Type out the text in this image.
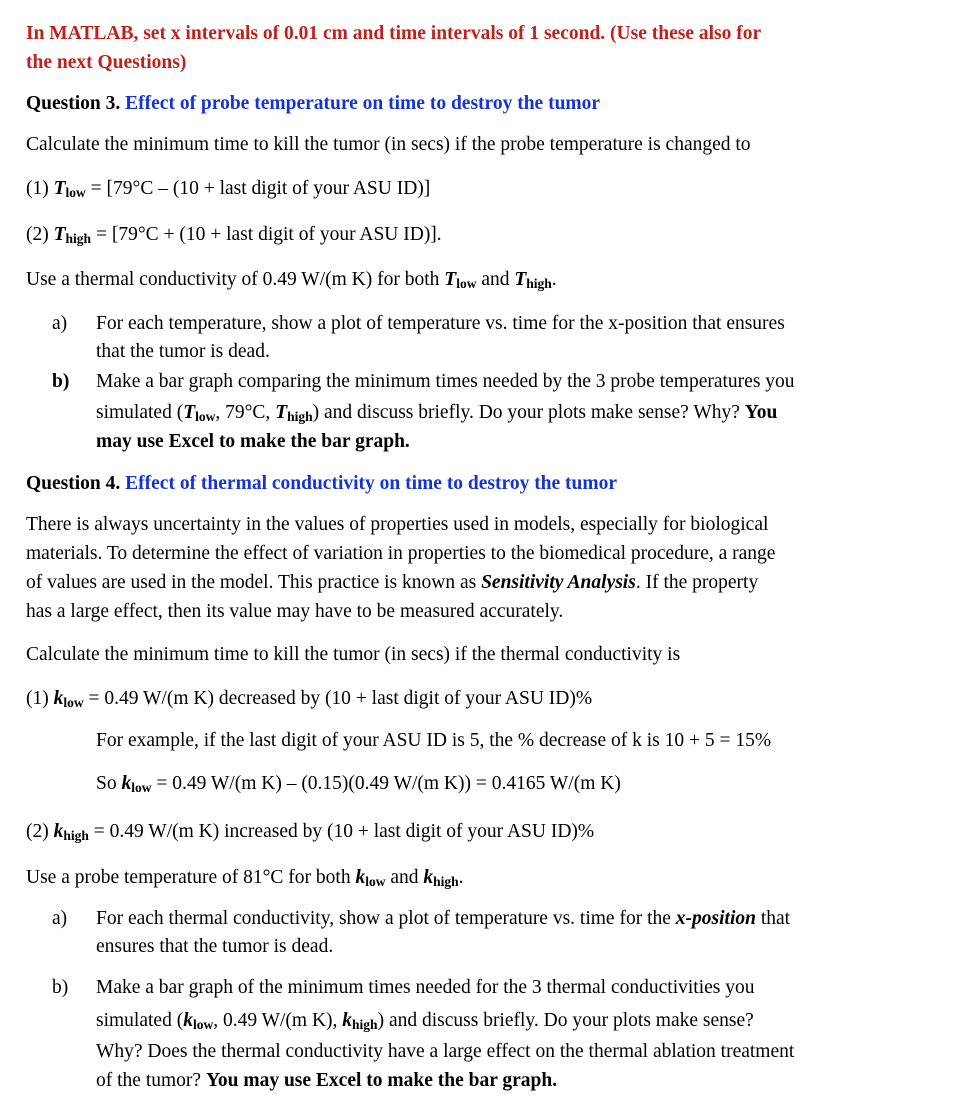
In MATLAB, set x intervals of 0.01 cm and time intervals of 1 second. (Use these also for
the next Questions)
Question 3. Effect of probe temperature on time to destroy the tumor
Calculate the minimum time to kill the tumor (in secs) if the probe temperature is changed to
(1) Tlow = [79°C – (10 + last digit of your ASU ID)]
(2) Thigh = [79°C + (10 + last digit of your ASU ID)].
Use a thermal conductivity of 0.49 W/(m K) for both Tlow and Thigh.
a) For each temperature, show a plot of temperature vs. time for the x-position that ensures
that the tumor is dead.
b) Make a bar graph comparing the minimum times needed by the 3 probe temperatures you
simulated (Tlow, 79°C, Thigh) and discuss briefly. Do your plots make sense? Why? You
may use Excel to make the bar graph.
Question 4. Effect of thermal conductivity on time to destroy the tumor
There is always uncertainty in the values of properties used in models, especially for biological
materials. To determine the effect of variation in properties to the biomedical procedure, a range
of values are used in the model. This practice is known as Sensitivity Analysis. If the property
has a large effect, then its value may have to be measured accurately.
Calculate the minimum time to kill the tumor (in secs) if the thermal conductivity is
(1) klow = 0.49 W/(m K) decreased by (10 + last digit of your ASU ID)%
For example, if the last digit of your ASU ID is 5, the % decrease of k is 10 + 5 = 15%
So klow = 0.49 W/(m K) – (0.15)(0.49 W/(m K)) = 0.4165 W/(m K)
(2) khigh = 0.49 W/(m K) increased by (10 + last digit of your ASU ID)%
Use a probe temperature of 81°C for both klow and khigh.
a) For each thermal conductivity, show a plot of temperature vs. time for the x-position that
ensures that the tumor is dead.
b) Make a bar graph of the minimum times needed for the 3 thermal conductivities you
simulated (klow, 0.49 W/(m K), khigh) and discuss briefly. Do your plots make sense?
Why? Does the thermal conductivity have a large effect on the thermal ablation treatment
of the tumor? You may use Excel to make the bar graph.
